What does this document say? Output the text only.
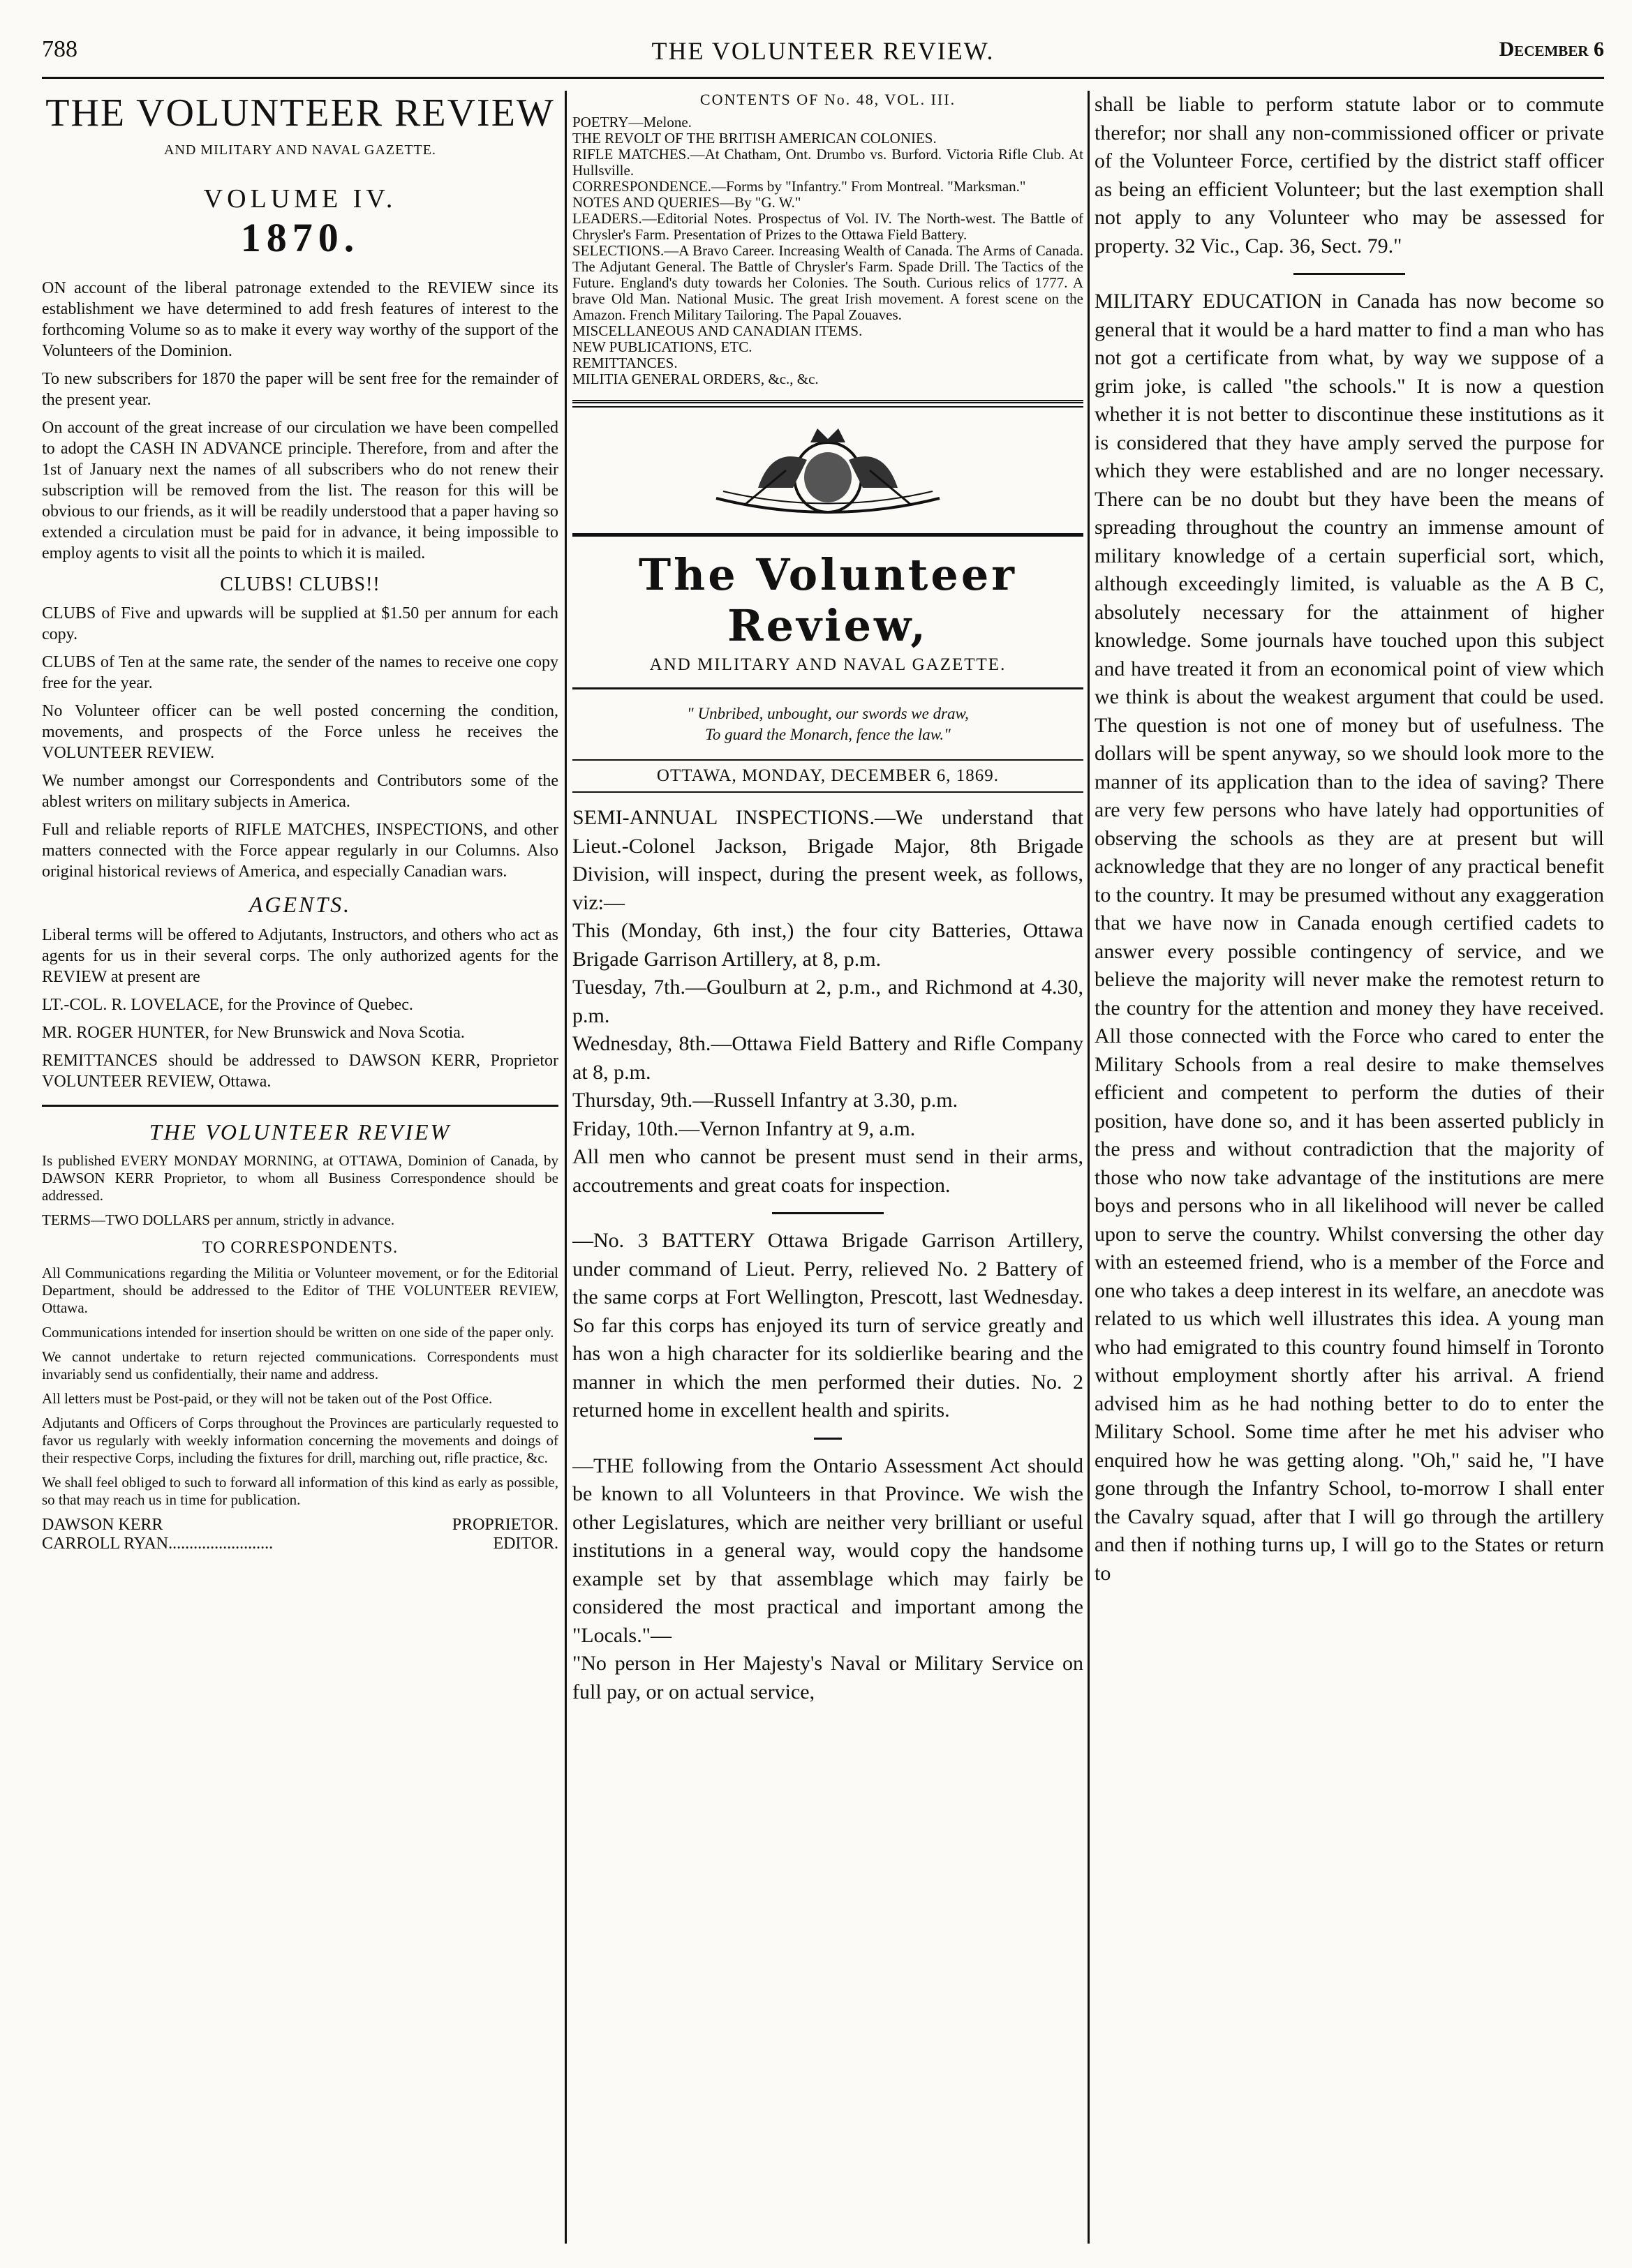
788	THE VOLUNTEER REVIEW.	December 6
THE VOLUNTEER REVIEW
AND MILITARY AND NAVAL GAZETTE.
VOLUME IV.
1870.

ON account of the liberal patronage extended to the REVIEW since its establishment we have determined to add fresh features of interest to the forthcoming Volume so as to make it every way worthy of the support of the Volunteers of the Dominion.

To new subscribers for 1870 the paper will be sent free for the remainder of the present year.

On account of the great increase of our circulation we have been compelled to adopt the CASH IN ADVANCE principle. Therefore, from and after the 1st of January next the names of all subscribers who do not renew their subscription will be removed from the list. The reason for this will be obvious to our friends, as it will be readily understood that a paper having so extended a circulation must be paid for in advance, it being impossible to employ agents to visit all the points to which it is mailed.

CLUBS! CLUBS!!

CLUBS of Five and upwards will be supplied at $1.50 per annum for each copy.

CLUBS of Ten at the same rate, the sender of the names to receive one copy free for the year.

No Volunteer officer can be well posted concerning the condition, movements, and prospects of the Force unless he receives the VOLUNTEER REVIEW.

We number amongst our Correspondents and Contributors some of the ablest writers on military subjects in America.

Full and reliable reports of RIFLE MATCHES, INSPECTIONS, and other matters connected with the Force appear regularly in our Columns. Also original historical reviews of America, and especially Canadian wars.

AGENTS.

Liberal terms will be offered to Adjutants, Instructors, and others who act as agents for us in their several corps. The only authorized agents for the REVIEW at present are

LT.-COL. R. LOVELACE, for the Province of Quebec.

MR. ROGER HUNTER, for New Brunswick and Nova Scotia.

REMITTANCES should be addressed to DAWSON KERR, Proprietor VOLUNTEER REVIEW, Ottawa.

THE VOLUNTEER REVIEW

Is published EVERY MONDAY MORNING, at OTTAWA, Dominion of Canada, by DAWSON KERR Proprietor, to whom all Business Correspondence should be addressed.

TERMS—TWO DOLLARS per annum, strictly in advance.

TO CORRESPONDENTS.

All Communications regarding the Militia or Volunteer movement, or for the Editorial Department, should be addressed to the Editor of THE VOLUNTEER REVIEW, Ottawa.

Communications intended for insertion should be written on one side of the paper only.

We cannot undertake to return rejected communications. Correspondents must invariably send us confidentially, their name and address.

All letters must be Post-paid, or they will not be taken out of the Post Office.

Adjutants and Officers of Corps throughout the Provinces are particularly requested to favor us regularly with weekly information concerning the movements and doings of their respective Corps, including the fixtures for drill, marching out, rifle practice, &c.

We shall feel obliged to such to forward all information of this kind as early as possible, so that may reach us in time for publication.

DAWSON KERR	PROPRIETOR.
CARROLL RYAN.........................	EDITOR.
CONTENTS OF No. 48, VOL. III.

POETRY—Melone.

THE REVOLT OF THE BRITISH AMERICAN COLONIES.

RIFLE MATCHES.—At Chatham, Ont. Drumbo vs. Burford. Victoria Rifle Club. At Hullsville.

CORRESPONDENCE.—Forms by "Infantry." From Montreal. "Marksman."

NOTES AND QUERIES—By "G. W."

LEADERS.—Editorial Notes. Prospectus of Vol. IV. The North-west. The Battle of Chrysler's Farm. Presentation of Prizes to the Ottawa Field Battery.

SELECTIONS.—A Bravo Career. Increasing Wealth of Canada. The Arms of Canada. The Adjutant General. The Battle of Chrysler's Farm. Spade Drill. The Tactics of the Future. England's duty towards her Colonies. The South. Curious relics of 1777. A brave Old Man. National Music. The great Irish movement. A forest scene on the Amazon. French Military Tailoring. The Papal Zouaves.

MISCELLANEOUS AND CANADIAN ITEMS.

NEW PUBLICATIONS, ETC.

REMITTANCES.

MILITIA GENERAL ORDERS, &c., &c.

The Volunteer Review,
AND MILITARY AND NAVAL GAZETTE.
" Unbribed, unbought, our swords we draw,
To guard the Monarch, fence the law."
OTTAWA, MONDAY, DECEMBER 6, 1869.

SEMI-ANNUAL INSPECTIONS.—We understand that Lieut.-Colonel Jackson, Brigade Major, 8th Brigade Division, will inspect, during the present week, as follows, viz:—

This (Monday, 6th inst,) the four city Batteries, Ottawa Brigade Garrison Artillery, at 8, p.m.

Tuesday, 7th.—Goulburn at 2, p.m., and Richmond at 4.30, p.m.

Wednesday, 8th.—Ottawa Field Battery and Rifle Company at 8, p.m.

Thursday, 9th.—Russell Infantry at 3.30, p.m.

Friday, 10th.—Vernon Infantry at 9, a.m.

All men who cannot be present must send in their arms, accoutrements and great coats for inspection.

—No. 3 BATTERY Ottawa Brigade Garrison Artillery, under command of Lieut. Perry, relieved No. 2 Battery of the same corps at Fort Wellington, Prescott, last Wednesday. So far this corps has enjoyed its turn of service greatly and has won a high character for its soldierlike bearing and the manner in which the men performed their duties. No. 2 returned home in excellent health and spirits.

—THE following from the Ontario Assessment Act should be known to all Volunteers in that Province. We wish the other Legislatures, which are neither very brilliant or useful institutions in a general way, would copy the handsome example set by that assemblage which may fairly be considered the most practical and important among the "Locals."—

"No person in Her Majesty's Naval or Military Service on full pay, or on actual service,

shall be liable to perform statute labor or to commute therefor; nor shall any non-commissioned officer or private of the Volunteer Force, certified by the district staff officer as being an efficient Volunteer; but the last exemption shall not apply to any Volunteer who may be assessed for property. 32 Vic., Cap. 36, Sect. 79."

MILITARY EDUCATION in Canada has now become so general that it would be a hard matter to find a man who has not got a certificate from what, by way we suppose of a grim joke, is called "the schools." It is now a question whether it is not better to discontinue these institutions as it is considered that they have amply served the purpose for which they were established and are no longer necessary. There can be no doubt but they have been the means of spreading throughout the country an immense amount of military knowledge of a certain superficial sort, which, although exceedingly limited, is valuable as the A B C, absolutely necessary for the attainment of higher knowledge. Some journals have touched upon this subject and have treated it from an economical point of view which we think is about the weakest argument that could be used. The question is not one of money but of usefulness. The dollars will be spent anyway, so we should look more to the manner of its application than to the idea of saving? There are very few persons who have lately had opportunities of observing the schools as they are at present but will acknowledge that they are no longer of any practical benefit to the country. It may be presumed without any exaggeration that we have now in Canada enough certified cadets to answer every possible contingency of service, and we believe the majority will never make the remotest return to the country for the attention and money they have received. All those connected with the Force who cared to enter the Military Schools from a real desire to make themselves efficient and competent to perform the duties of their position, have done so, and it has been asserted publicly in the press and without contradiction that the majority of those who now take advantage of the institutions are mere boys and persons who in all likelihood will never be called upon to serve the country. Whilst conversing the other day with an esteemed friend, who is a member of the Force and one who takes a deep interest in its welfare, an anecdote was related to us which well illustrates this idea. A young man who had emigrated to this country found himself in Toronto without employment shortly after his arrival. A friend advised him as he had nothing better to do to enter the Military School. Some time after he met his adviser who enquired how he was getting along. "Oh," said he, "I have gone through the Infantry School, to-morrow I shall enter the Cavalry squad, after that I will go through the artillery and then if nothing turns up, I will go to the States or return to
